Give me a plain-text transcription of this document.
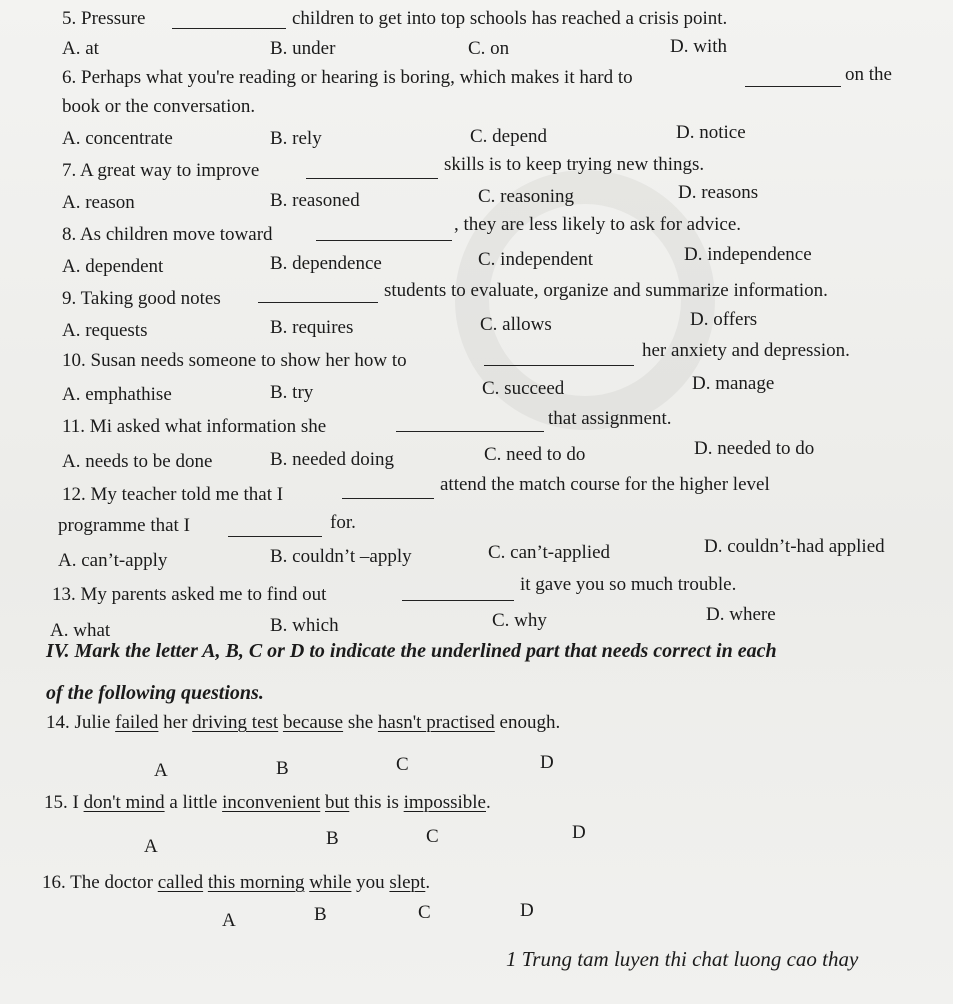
5. Pressure	children to get into top schools has reached a crisis point.
A. at	B. under	C. on	D. with
6. Perhaps what you're reading or hearing is boring, which makes it hard to	on the
book or the conversation.
A. concentrate	B. rely	C. depend	D. notice
7. A great way to improve	skills is to keep trying new things.
A. reason	B. reasoned	C. reasoning	D. reasons
8. As children move toward	, they are less likely to ask for advice.
A. dependent	B. dependence	C. independent	D. independence
9. Taking good notes	students to evaluate, organize and summarize information.
A. requests	B. requires	C. allows	D. offers
10. Susan needs someone to show her how to	her anxiety and depression.
A. emphathise	B. try	C. succeed	D. manage
11. Mi asked what information she	that assignment.
A. needs to be done	B. needed doing	C. need to do	D. needed to do
12. My teacher told me that I	attend the match course for the higher level
programme that I	for.
A. can’t-apply	B. couldn’t –apply	C. can’t-applied	D. couldn’t-had applied
13. My parents asked me to find out	it gave you so much trouble.
A. what	B. which	C. why	D. where
IV. Mark the letter A, B, C or D to indicate the underlined part that needs correct in each
of the following questions.
14. Julie failed her driving test because she hasn't practised enough.
A	B	C	D
15. I don't mind a little inconvenient but this is impossible.
A	B	C	D
16. The doctor called this morning while you slept.
A	B	C	D
1 Trung tam luyen thi chat luong cao thay
